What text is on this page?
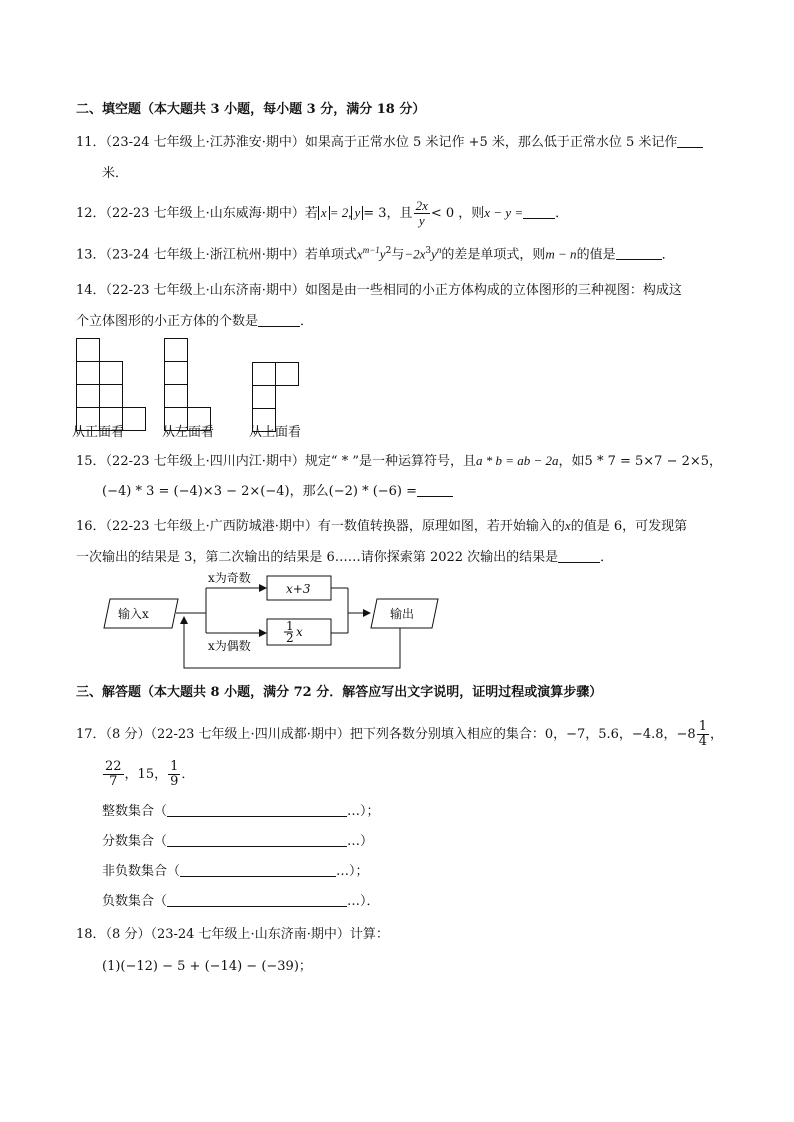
二、填空题（本大题共 3 小题，每小题 3 分，满分 18 分）
11．（23-24 七年级上·江苏淮安·期中）如果高于正常水位 5 米记作 +5 米，那么低于正常水位 5 米记作
米．
12．（22-23 七年级上·山东威海·期中）若 x = 2, y = 3，且 $\frac{2x}{y} < 0$ ，则x − y = ．
13．（23-24 七年级上·浙江杭州·期中）若单项式$x^{m-1}y^2$与$-2x^3y^n$的差是单项式，则m − n的值是	．
14．（22-23 七年级上·山东济南·期中）如图是由一些相同的小正方体构成的立体图形的三种视图：构成这
个立体图形的小正方体的个数是	．
从正面看	从左面看	从上面看
15．（22-23 七年级上·四川内江·期中）规定“ * ”是一种运算符号，且a * b = ab − 2a，如5 * 7 = 5×7 − 2×5，
(−4) * 3 = (−4)×3 − 2×(−4)，那么(−2) * (−6) =
16．（22-23 七年级上·广西防城港·期中）有一数值转换器，原理如图，若开始输入的x的值是 6，可发现第
一次输出的结果是 3，第二次输出的结果是 6……请你探索第 2022 次输出的结果是	．
输入x
x为奇数
x为偶数
x+3
1
2 x
输出
三、解答题（本大题共 8 小题，满分 72 分．解答应写出文字说明，证明过程或演算步骤）
17．（8 分）（22-23 七年级上·四川成都·期中）把下列各数分别填入相应的集合：0，−7，5.6，−4.8，$-8 \frac{1}{4}$ ，
$\frac{22}{7}$ ，15， $\frac{1}{9}$ ．
整数集合（	…）；
分数集合（	…）
非负数集合（	…）；
负数集合（	…）．
18．（8 分）（23-24 七年级上·山东济南·期中）计算：
(1)(−12) − 5 + (−14) − (−39)；
